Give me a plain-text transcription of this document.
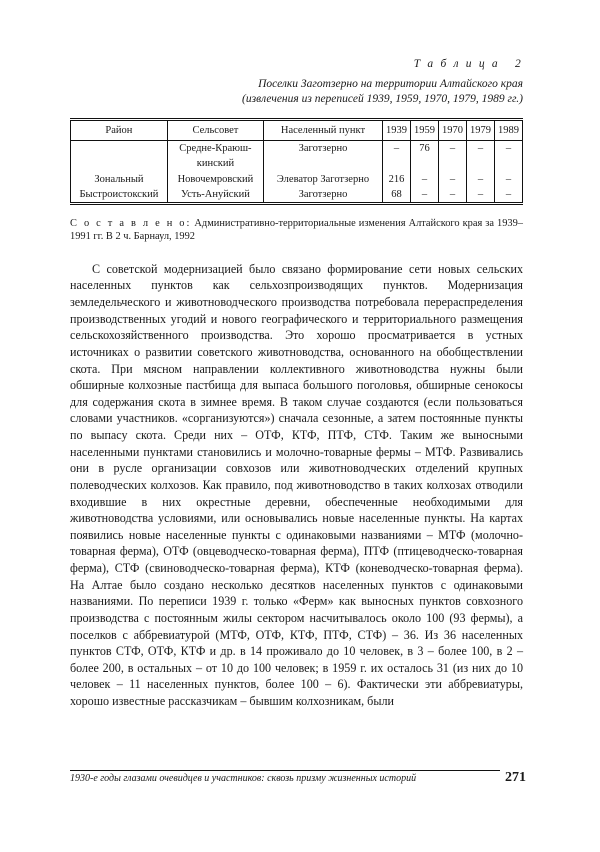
Т а б л и ц а   2
Поселки Заготзерно на территории Алтайского края
(извлечения из переписей 1939, 1959, 1970, 1979, 1989 гг.)
Район	Сельсовет	Населенный пункт	1939	1959	1970	1979	1989
	Средне-Краюш-	Заготзерно	–	76	–	–	–
	кинский						
Зональный	Новочемровский	Элеватор Заготзерно	216	–	–	–	–
Быстроистокский	Усть-Ануйский	Заготзерно	68	–	–	–	–

С о с т а в л е н о: Административно-территориальные изменения Алтайского края за 1939–1991 гг. В 2 ч. Барнаул, 1992

С советской модернизацией было связано формирование сети новых сельских населенных пунктов как сельхозпроизводящих пунктов. Модернизация земледельческого и животноводческого производства потребовала перераспределения производственных угодий и нового географического и территориального размещения сельскохозяйственного производства. Это хорошо просматривается в устных источниках о развитии советского животноводства, основанного на обобществлении скота. При мясном направлении коллективного животноводства нужны были обширные колхозные пастбища для выпаса большого поголовья, обширные сенокосы для содержания скота в зимнее время. В таком случае создаются (если пользоваться словами участников. «сорганизуются») сначала сезонные, а затем постоянные пункты по выпасу скота. Среди них – ОТФ, КТФ, ПТФ, СТФ. Таким же выносными населенными пунктами становились и молочно-товарные фермы – МТФ. Развивались они в русле организации совхозов или животноводческих отделений крупных полеводческих колхозов. Как правило, под животноводство в таких колхозах отводили входившие в них окрестные деревни, обеспеченные необходимыми для животноводства условиями, или основывались новые населенные пункты. На картах появились новые населенные пункты с одинаковыми названиями – МТФ (молочно-товарная ферма), ОТФ (овцеводческо-товарная ферма), ПТФ (птицеводческо-товарная ферма), СТФ (свиноводческо-товарная ферма), КТФ (коневодческо-товарная ферма). На Алтае было создано несколько десятков населенных пунктов с одинаковыми названиями. По переписи 1939 г. только «Ферм» как выносных пунктов совхозного производства с постоянным жилы сектором насчитывалось около 100 (93 фермы), а поселков с аббревиатурой (МТФ, ОТФ, КТФ, ПТФ, СТФ) – 36. Из 36 населенных пунктов СТФ, ОТФ, КТФ и др. в 14 проживало до 10 человек, в 3 – более 100, в 2 – более 200, в остальных – от 10 до 100 человек; в 1959 г. их осталось 31 (из них до 10 человек – 11 населенных пунктов, более 100 – 6). Фактически эти аббревиатуры, хорошо известные рассказчикам – бывшим колхозникам, были

1930-е годы глазами очевидцев и участников: сквозь призму жизненных историй	271
